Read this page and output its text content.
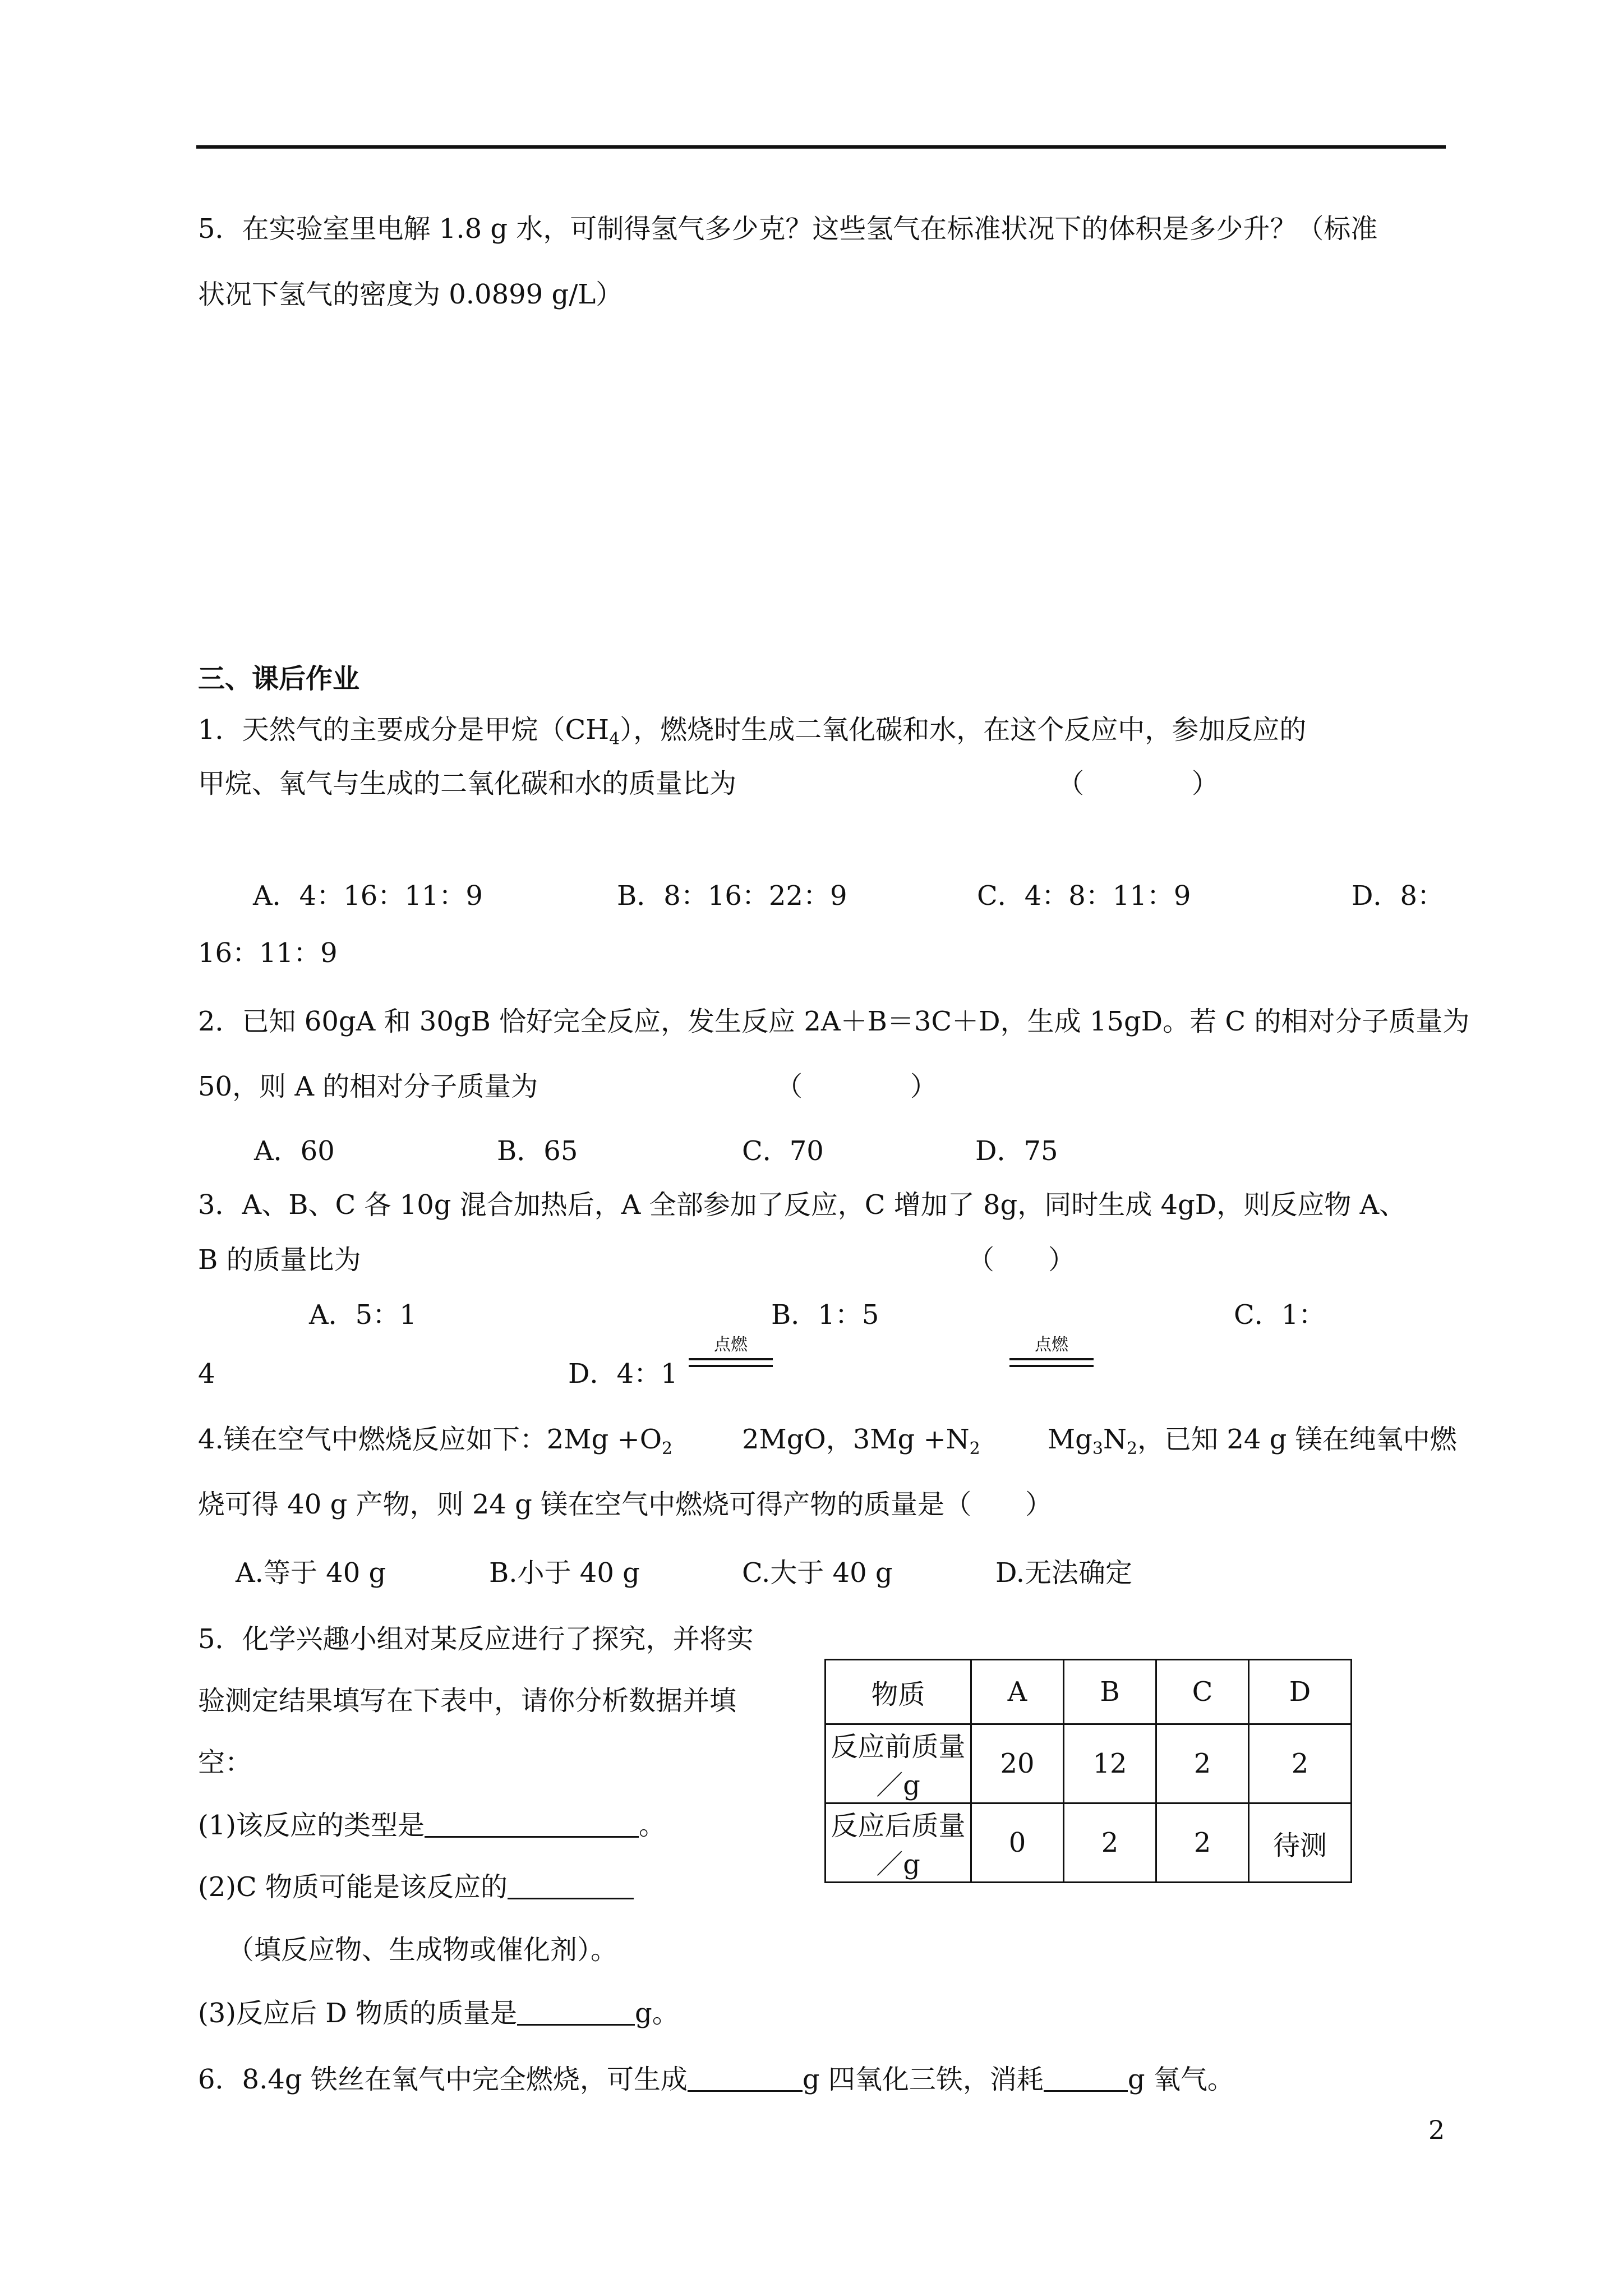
5．在实验室里电解 1.8 g 水，可制得氢气多少克？这些氢气在标准状况下的体积是多少升？（标准
状况下氢气的密度为 0.0899 g/L）
三、课后作业
1．天然气的主要成分是甲烷$(CH_4)$，燃烧时生成二氧化碳和水，在这个反应中，参加反应的
甲烷、氧气与生成的二氧化碳和水的质量比为	（　　　　）
A．4：16：11：9	B．8：16：22：9	C．4：8：11：9	D．8：
16：11：9
2．已知 60gA 和 30gB 恰好完全反应，发生反应 2A＋B＝3C＋D，生成 15gD。若 C 的相对分子质量为
50，则 A 的相对分子质量为	（　　　　）
A．60	B．65	C．70	D．75
3．A、B、C 各 10g 混合加热后，A 全部参加了反应，C 增加了 8g，同时生成 4gD，则反应物 A、
B 的质量比为	（　　）
A．5：1	B．1：5	C．1：
4	D．4：1
点燃	点燃
4.镁在空气中燃烧反应如下：$2Mg +O_2$	2MgO，$3Mg +N_2$	$Mg_3N_2$，已知 24 g 镁在纯氧中燃
烧可得 40 g 产物，则 24 g 镁在空气中燃烧可得产物的质量是（　　）
A.等于 40 g	B.小于 40 g	C.大于 40 g	D.无法确定
5．化学兴趣小组对某反应进行了探究，并将实
验测定结果填写在下表中，请你分析数据并填
空：
(1)该反应的类型是	。
(2)C 物质可能是该反应的
（填反应物、生成物或催化剂）。
(3)反应后 D 物质的质量是	g。
物质	A	B	C	D
反应前质量／g	20	12	2	2
反应后质量／g	0	2	2	待测
6．8.4g 铁丝在氧气中完全燃烧，可生成	g 四氧化三铁，消耗	g 氧气。
2
